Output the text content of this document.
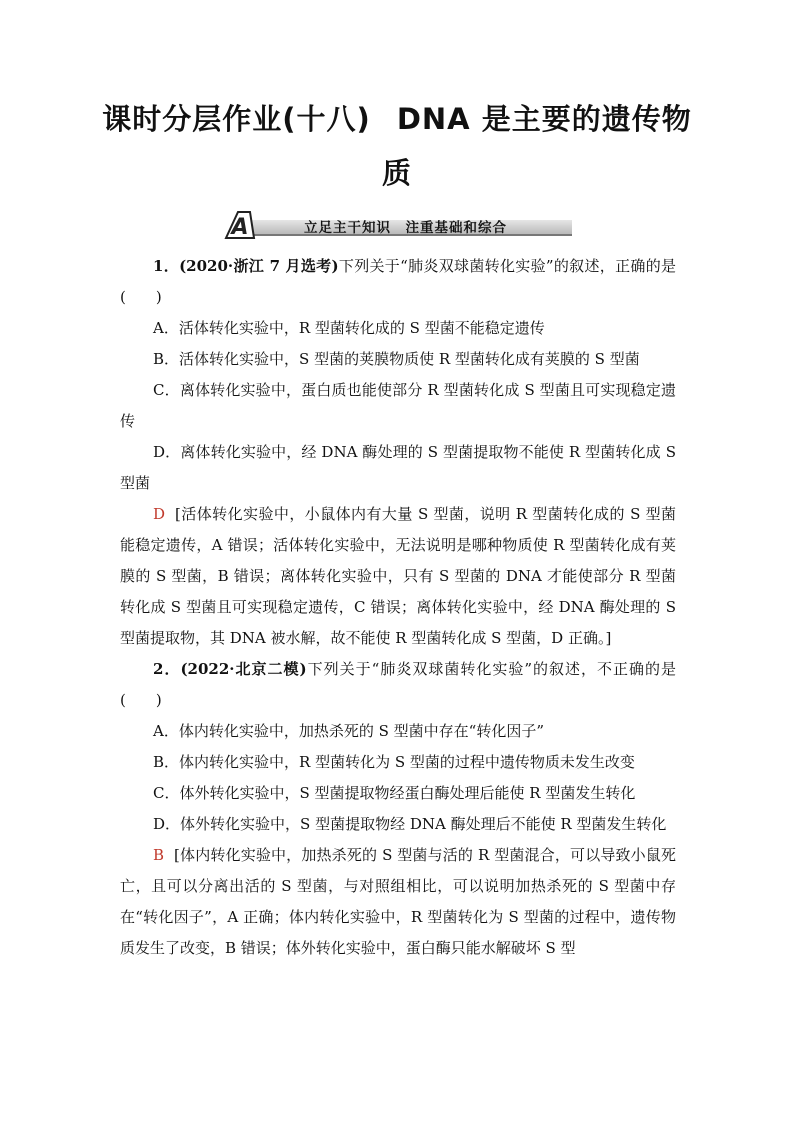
课时分层作业(十八) DNA 是主要的遗传物
质
A	立足主干知识　注重基础和综合

1．(2020·浙江 7 月选考)下列关于“肺炎双球菌转化实验”的叙述，正确的是(　　)

A．活体转化实验中，R 型菌转化成的 S 型菌不能稳定遗传

B．活体转化实验中，S 型菌的荚膜物质使 R 型菌转化成有荚膜的 S 型菌

C．离体转化实验中，蛋白质也能使部分 R 型菌转化成 S 型菌且可实现稳定遗传

D．离体转化实验中，经 DNA 酶处理的 S 型菌提取物不能使 R 型菌转化成 S 型菌

D [活体转化实验中，小鼠体内有大量 S 型菌，说明 R 型菌转化成的 S 型菌能稳定遗传，A 错误；活体转化实验中，无法说明是哪种物质使 R 型菌转化成有荚膜的 S 型菌，B 错误；离体转化实验中，只有 S 型菌的 DNA 才能使部分 R 型菌转化成 S 型菌且可实现稳定遗传，C 错误；离体转化实验中，经 DNA 酶处理的 S 型菌提取物，其 DNA 被水解，故不能使 R 型菌转化成 S 型菌，D 正确。]

2．(2022·北京二模)下列关于“肺炎双球菌转化实验”的叙述，不正确的是(　　)

A．体内转化实验中，加热杀死的 S 型菌中存在“转化因子”

B．体内转化实验中，R 型菌转化为 S 型菌的过程中遗传物质未发生改变

C．体外转化实验中，S 型菌提取物经蛋白酶处理后能使 R 型菌发生转化

D．体外转化实验中，S 型菌提取物经 DNA 酶处理后不能使 R 型菌发生转化

B [体内转化实验中，加热杀死的 S 型菌与活的 R 型菌混合，可以导致小鼠死亡，且可以分离出活的 S 型菌，与对照组相比，可以说明加热杀死的 S 型菌中存在“转化因子”，A 正确；体内转化实验中，R 型菌转化为 S 型菌的过程中，遗传物质发生了改变，B 错误；体外转化实验中，蛋白酶只能水解破坏 S 型
